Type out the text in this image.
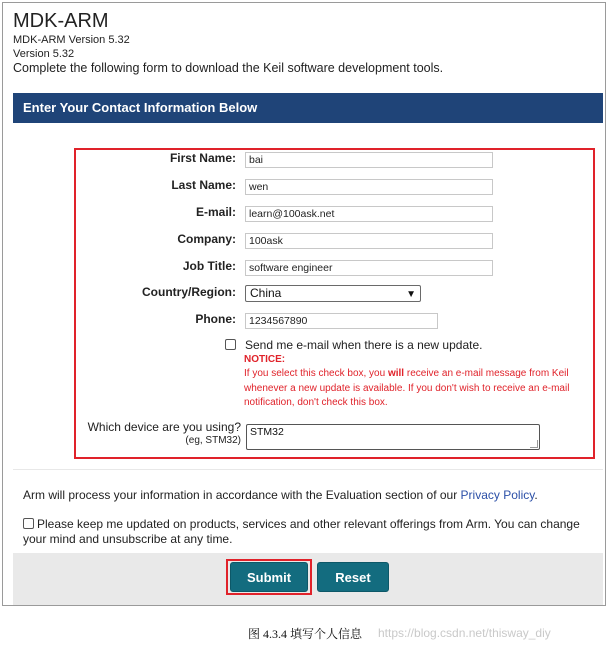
MDK-ARM
MDK-ARM Version 5.32
Version 5.32
Complete the following form to download the Keil software development tools.
Enter Your Contact Information Below
First Name:	bai
Last Name:	wen
E-mail:	learn@100ask.net
Company:	100ask
Job Title:	software engineer
Country/Region:	China	▼
Phone:	1234567890
Send me e-mail when there is a new update.
NOTICE:
If you select this check box, you will receive an e-mail message from Keil whenever a new update is available. If you don't wish to receive an e-mail notification, don't check this box.
Which device are you using?
(eg, STM32)
STM32
Arm will process your information in accordance with the Evaluation section of our Privacy Policy.
Please keep me updated on products, services and other relevant offerings from Arm. You can change your mind and unsubscribe at any time.
Submit	Reset
图 4.3.4 填写个人信息	https://blog.csdn.net/thisway_diy
